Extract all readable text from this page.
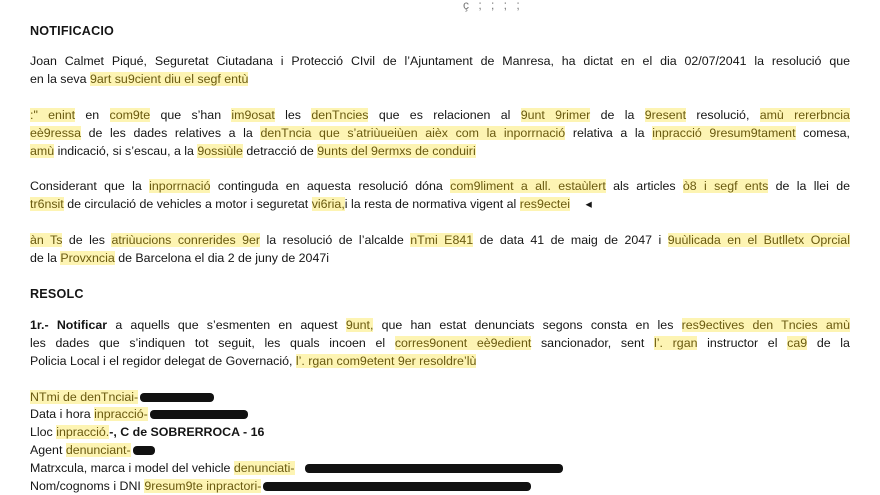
ç ; ; ; ;
NOTIFICACIO
Joan Calmet Piqué, Seguretat Ciutadana i Protecció CIvil de l’Ajuntament de Manresa, ha dictat en el dia 02/07/2041 la resolució que
en la seva 9art su9cient diu el segf entù
:" enint en com9te que s’han im9osat les denTncies que es relacionen al 9unt 9rimer de la 9resent resolució, amù rererbncia
eè9ressa de les dades relatives a la denTncia que s’atriùueiùen aièx com la inporrnació relativa a la inpracció 9resum9tament comesa,
amù indicació, si s’escau, a la 9ossiùle detracció de 9unts del 9ermxs de conduiri
Considerant que la inporrnació continguda en aquesta resolució dóna com9liment a all. estaùlert als articles ò8 i segf ents de la llei de
tr6nsit de circulació de vehicles a motor i seguretat vi6ria,i la resta de normativa vigent al res9ectei ◂
àn Ts de les atriùucions conrerides 9er la resolució de l’alcalde nTmi E841 de data 41 de maig de 2047 i 9uùlicada en el Butlletx Oprcial
de la Provxncia de Barcelona el dia 2 de juny de 2047i
RESOLC
1r.- Notificar a aquells que s’esmenten en aquest 9unt, que han estat denunciats segons consta en les res9ectives den Tncies amù
les dades que s’indiquen tot seguit, les quals incoen el corres9onent eè9edient sancionador, sent l’. rgan instructor el ca9 de la
Policia Local i el regidor delegat de Governació, l’. rgan com9etent 9er resoldre’lù
NTmi de denTnciai-
Data i hora inpracció-
Lloc inpracció.-, C de SOBRERROCA - 16
Agent denunciant-
Matrxcula, marca i model del vehicle denunciati-
Nom/cognoms i DNI 9resum9te inpractori-
